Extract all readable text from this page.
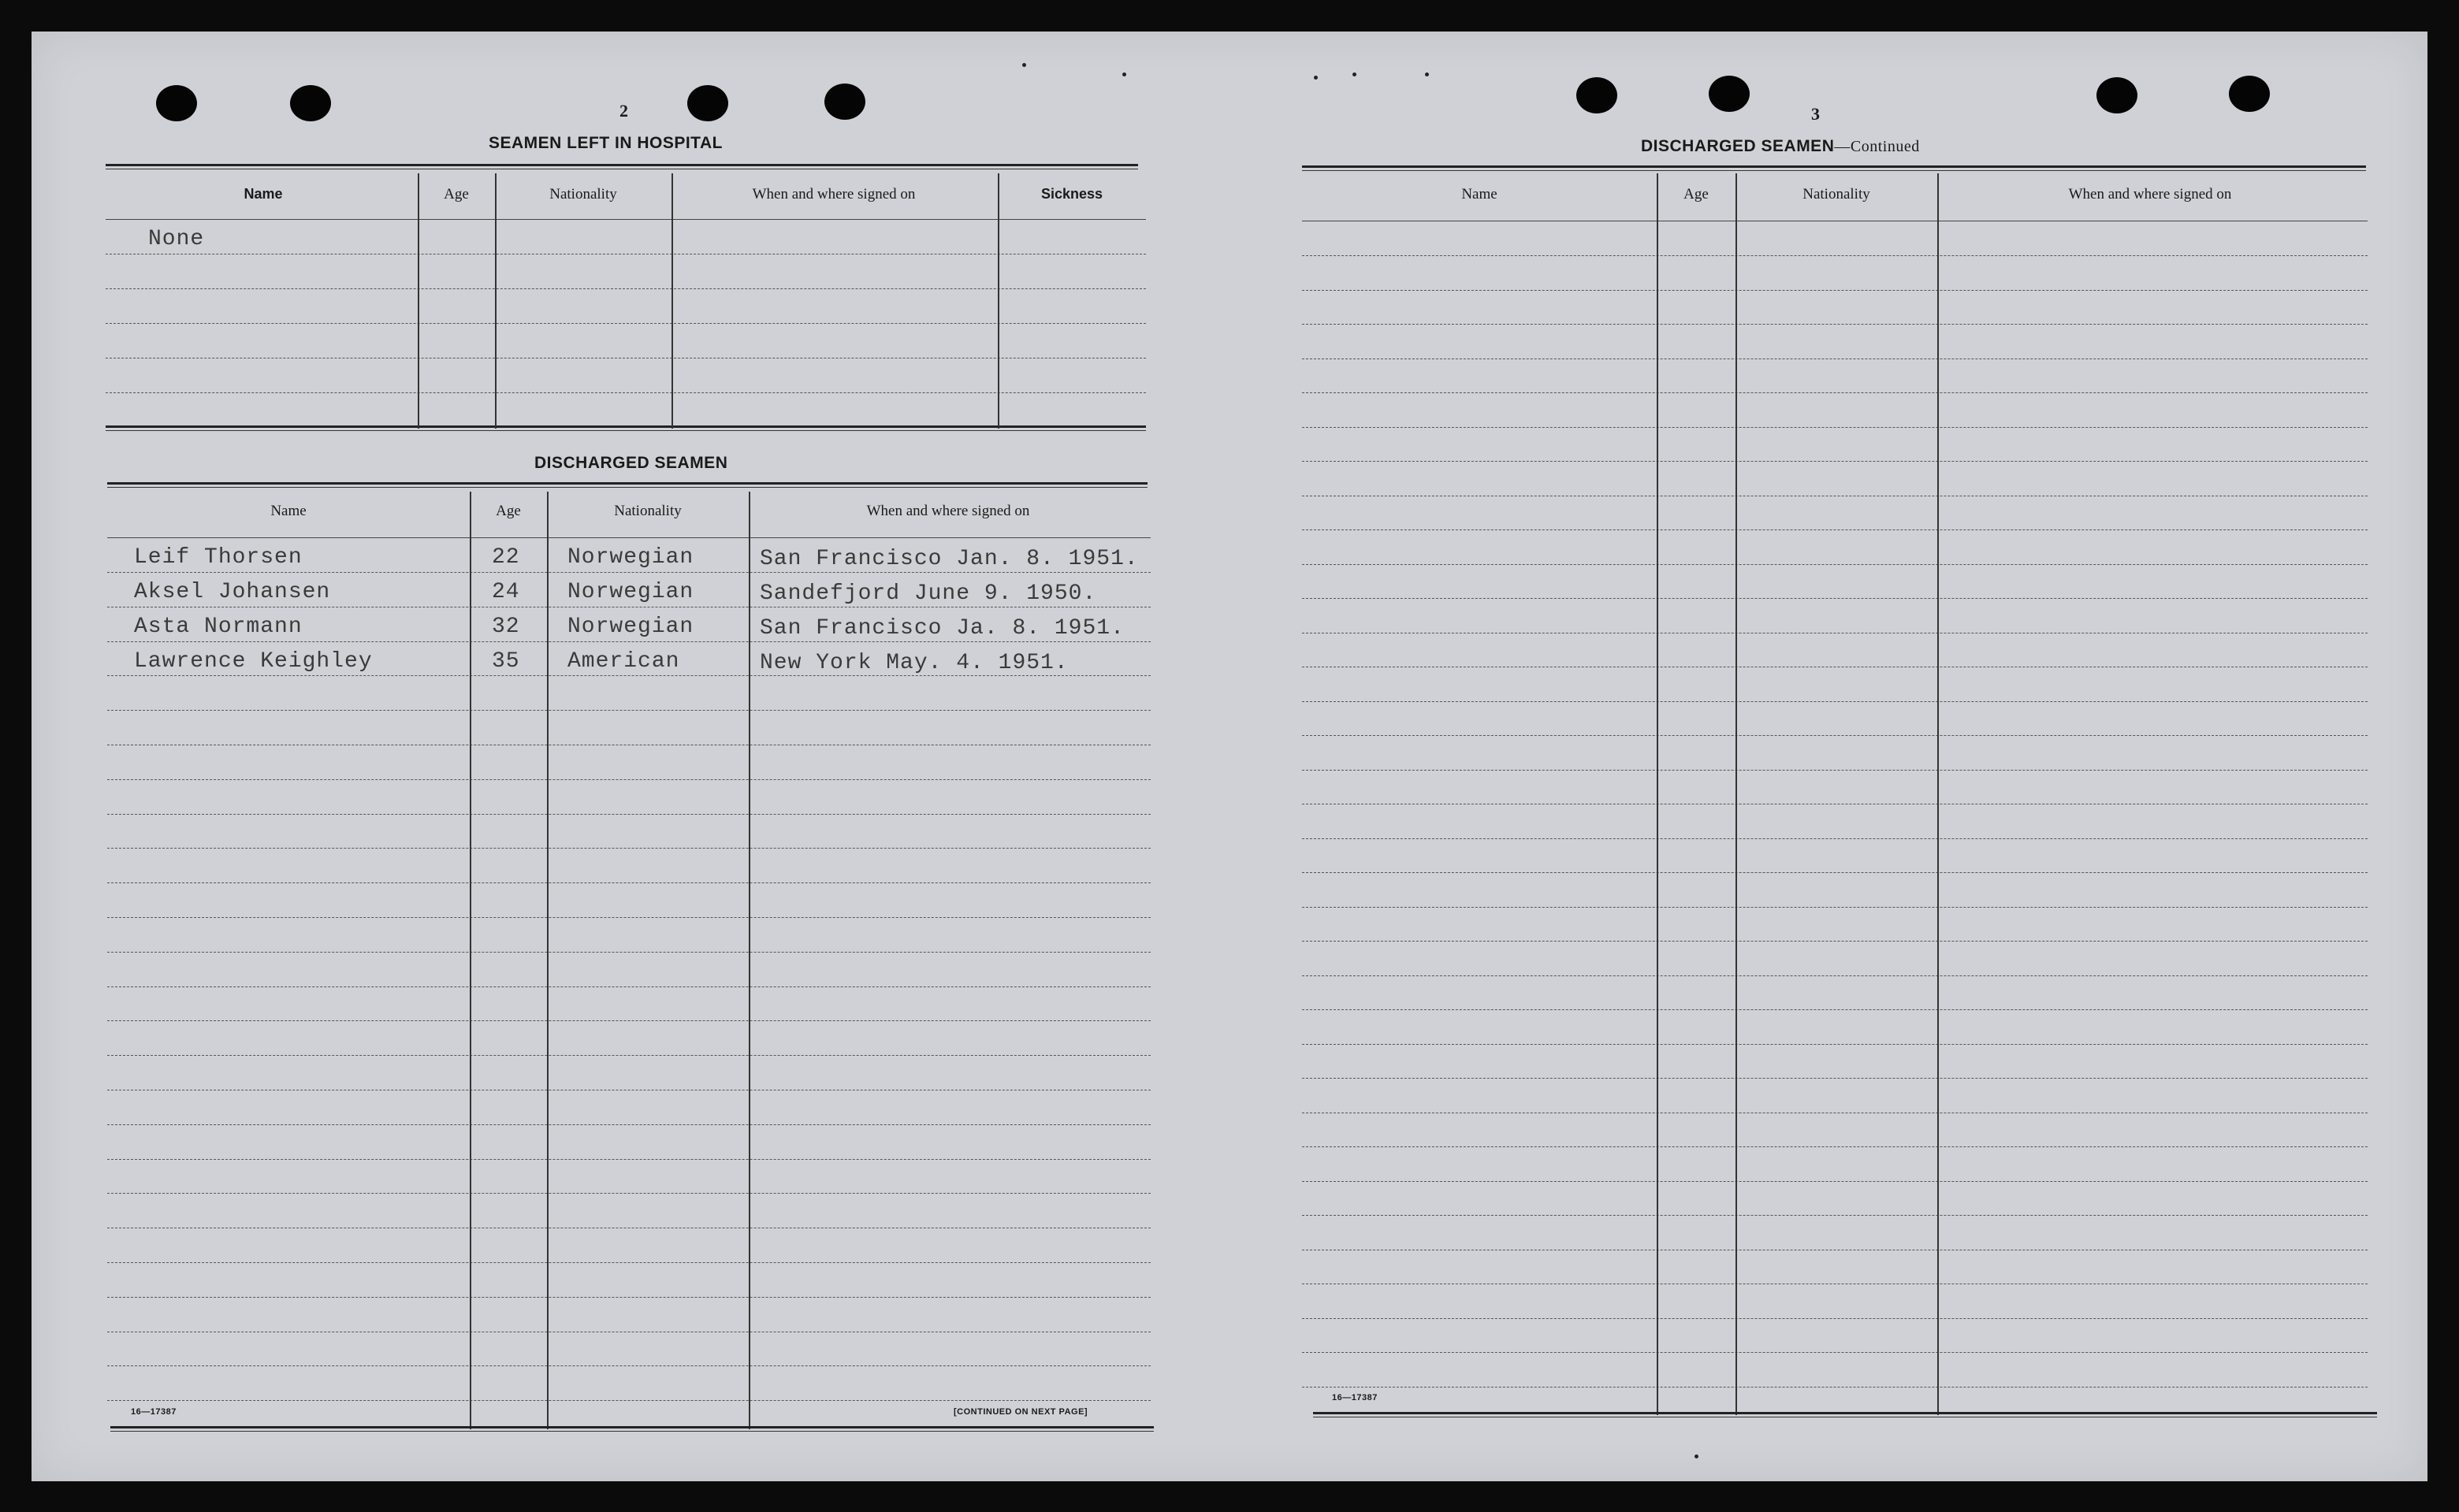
2
SEAMEN LEFT IN HOSPITAL
Name	Age	Nationality	When and where signed on	Sickness
None
DISCHARGED SEAMEN
Name	Age	Nationality	When and where signed on
Leif Thorsen	22 Norwegian	San Francisco Jan. 8. 1951.
Aksel Johansen	24 Norwegian	Sandefjord June 9. 1950.
Asta Normann	32 Norwegian	San Francisco Ja. 8. 1951.
Lawrence Keighley	35 American	New York May. 4. 1951.
16—17387	[CONTINUED ON NEXT PAGE]
3
DISCHARGED SEAMEN—Continued
Name	Age	Nationality	When and where signed on
16—17387
